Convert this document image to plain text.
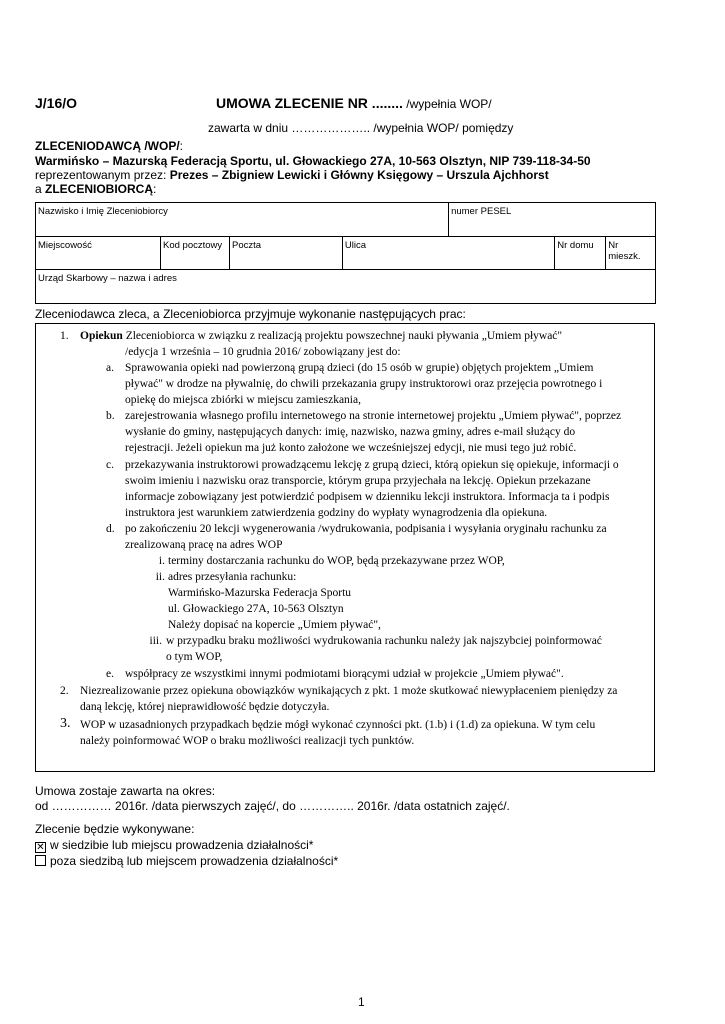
J/16/O	UMOWA ZLECENIE NR ........ /wypełnia WOP/
zawarta w dniu ……………….. /wypełnia WOP/ pomiędzy
ZLECENIODAWCĄ /WOP/:
Warmińsko – Mazurską Federacją Sportu, ul. Głowackiego 27A, 10-563 Olsztyn, NIP 739-118-34-50
reprezentowanym przez: Prezes – Zbigniew Lewicki i Główny Księgowy – Urszula Ajchhorst
a ZLECENIOBIORCĄ:
Nazwisko i Imię Zleceniobiorcy				numer PESEL		
Miejscowość	Kod pocztowy	Poczta	Ulica		Nr domu	Nr mieszk.
Urząd Skarbowy – nazwa i adres						
Zleceniodawca zleca, a Zleceniobiorca przyjmuje wykonanie następujących prac:
1. Opiekun Zleceniobiorca w związku z realizacją projektu powszechnej nauki pływania „Umiem pływać"
/edycja 1 września – 10 grudnia 2016/ zobowiązany jest do:
a. Sprawowania opieki nad powierzoną grupą dzieci (do 15 osób w grupie) objętych projektem „Umiem
pływać" w drodze na pływalnię, do chwili przekazania grupy instruktorowi oraz przejęcia powrotnego i
opiekę do miejsca zbiórki w miejscu zamieszkania,
b. zarejestrowania własnego profilu internetowego na stronie internetowej projektu „Umiem pływać", poprzez
wysłanie do gminy, następujących danych: imię, nazwisko, nazwa gminy, adres e-mail służący do
rejestracji. Jeżeli opiekun ma już konto założone we wcześniejszej edycji, nie musi tego już robić.
c. przekazywania instruktorowi prowadzącemu lekcję z grupą dzieci, którą opiekun się opiekuje, informacji o
swoim imieniu i nazwisku oraz transporcie, którym grupa przyjechała na lekcję. Opiekun przekazane
informacje zobowiązany jest potwierdzić podpisem w dzienniku lekcji instruktora. Informacja ta i podpis
instruktora jest warunkiem zatwierdzenia godziny do wypłaty wynagrodzenia dla opiekuna.
d. po zakończeniu 20 lekcji wygenerowania /wydrukowania, podpisania i wysyłania oryginału rachunku za
zrealizowaną pracę na adres WOP
i. terminy dostarczania rachunku do WOP, będą przekazywane przez WOP,
ii. adres przesyłania rachunku:
Warmińsko-Mazurska Federacja Sportu
ul. Głowackiego 27A, 10-563 Olsztyn
Należy dopisać na kopercie „Umiem pływać",
iii. w przypadku braku możliwości wydrukowania rachunku należy jak najszybciej poinformować
o tym WOP,
e. współpracy ze wszystkimi innymi podmiotami biorącymi udział w projekcie „Umiem pływać".
2. Niezrealizowanie przez opiekuna obowiązków wynikających z pkt. 1 może skutkować niewypłaceniem pieniędzy za
daną lekcję, której nieprawidłowość będzie dotyczyła.
3. WOP w uzasadnionych przypadkach będzie mógł wykonać czynności pkt. (1.b) i (1.d) za opiekuna. W tym celu
należy poinformować WOP o braku możliwości realizacji tych punktów.
Umowa zostaje zawarta na okres:
od …………… 2016r. /data pierwszych zajęć/, do ………….. 2016r. /data ostatnich zajęć/.
Zlecenie będzie wykonywane:
✕ w siedzibie lub miejscu prowadzenia działalności*
poza siedzibą lub miejscem prowadzenia działalności*
1
